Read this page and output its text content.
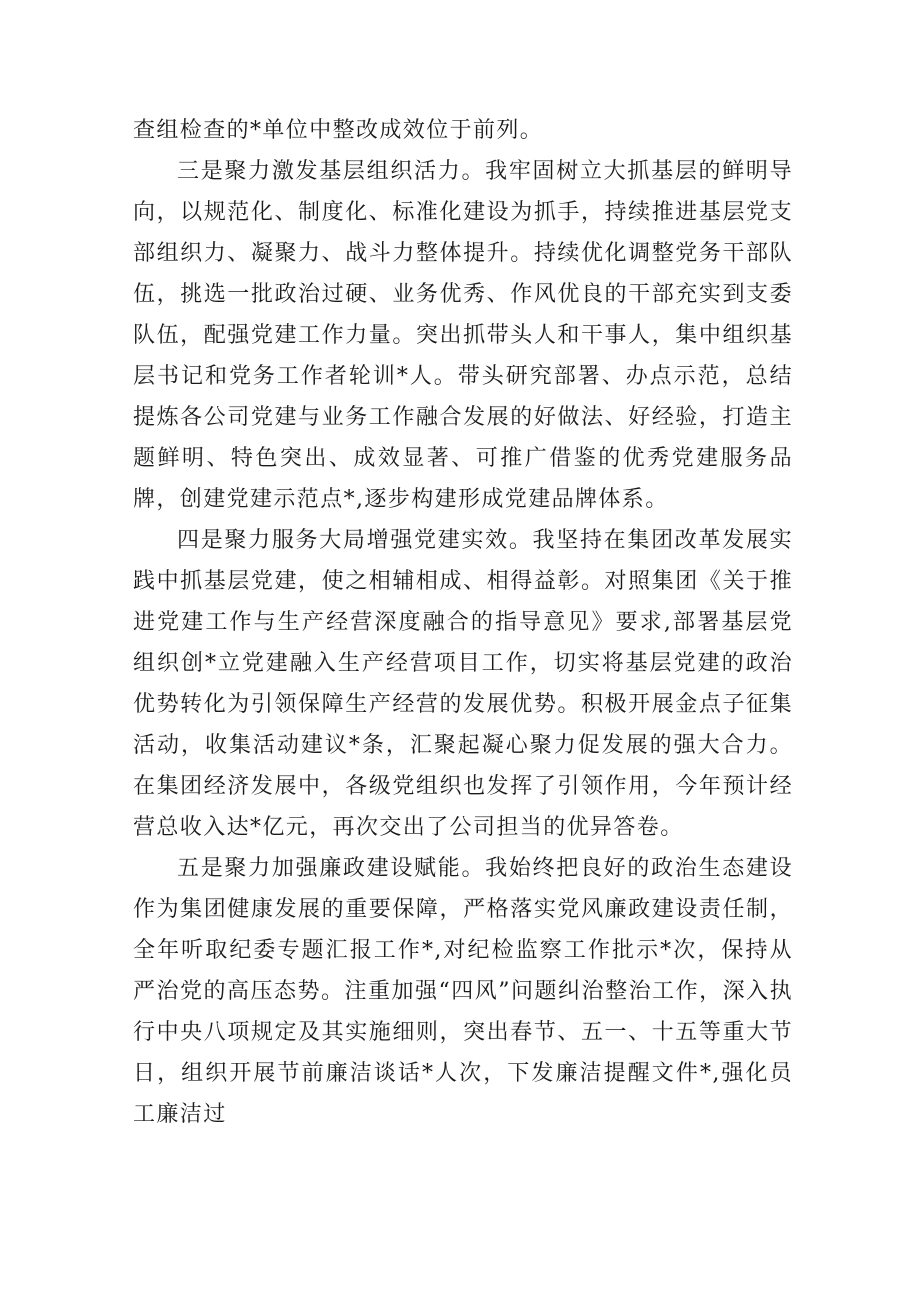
查组检查的*单位中整改成效位于前列。

三是聚力激发基层组织活力。我牢固树立大抓基层的鲜明导向，以规范化、制度化、标准化建设为抓手，持续推进基层党支部组织力、凝聚力、战斗力整体提升。持续优化调整党务干部队伍，挑选一批政治过硬、业务优秀、作风优良的干部充实到支委队伍，配强党建工作力量。突出抓带头人和干事人，集中组织基层书记和党务工作者轮训*人。带头研究部署、办点示范，总结提炼各公司党建与业务工作融合发展的好做法、好经验，打造主题鲜明、特色突出、成效显著、可推广借鉴的优秀党建服务品牌，创建党建示范点*,逐步构建形成党建品牌体系。

四是聚力服务大局增强党建实效。我坚持在集团改革发展实践中抓基层党建，使之相辅相成、相得益彰。对照集团《关于推进党建工作与生产经营深度融合的指导意见》要求,部署基层党组织创*立党建融入生产经营项目工作，切实将基层党建的政治优势转化为引领保障生产经营的发展优势。积极开展金点子征集活动，收集活动建议*条，汇聚起凝心聚力促发展的强大合力。在集团经济发展中，各级党组织也发挥了引领作用，今年预计经营总收入达*亿元，再次交出了公司担当的优异答卷。

五是聚力加强廉政建设赋能。我始终把良好的政治生态建设作为集团健康发展的重要保障，严格落实党风廉政建设责任制，全年听取纪委专题汇报工作*,对纪检监察工作批示*次，保持从严治党的高压态势。注重加强“四风”问题纠治整治工作，深入执行中央八项规定及其实施细则，突出春节、五一、十五等重大节日，组织开展节前廉洁谈话*人次，下发廉洁提醒文件*,强化员工廉洁过
